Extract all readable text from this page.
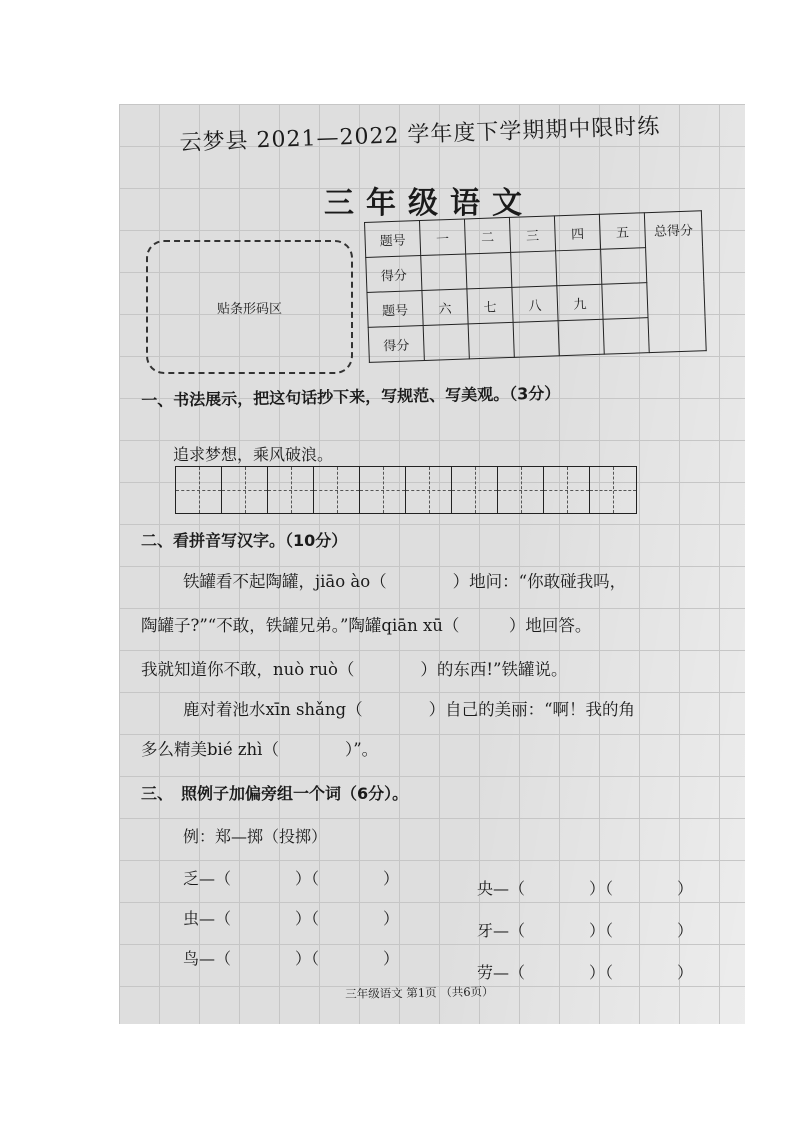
云梦县 2021—2022 学年度下学期期中限时练
三年级语文
贴条形码区
题号	一	二	三	四	五	总得分
得分						
题号	六	七	八	九		
得分						
一、书法展示，把这句话抄下来，写规范、写美观。（3分）
追求梦想，乘风破浪。
二、看拼音写汉字。（10分）
铁罐看不起陶罐，jiāo ào（　　　　）地问：“你敢碰我吗，
陶罐子?”“不敢，铁罐兄弟。”陶罐qiān xū（　　　）地回答。
我就知道你不敢，nuò ruò（　　　　）的东西!”铁罐说。
鹿对着池水xīn shǎng（　　　　）自己的美丽：“啊！我的角
多么精美bié zhì（　　　　）”。
三、　照例子加偏旁组一个词（6分）。
例：郑—掷（投掷）
乏—（　　　　）（　　　　）
虫—（　　　　）（　　　　）
鸟—（　　　　）（　　　　）
央—（　　　　）（　　　　）
牙—（　　　　）（　　　　）
劳—（　　　　）（　　　　）
三年级语文 第1页 （共6页）
